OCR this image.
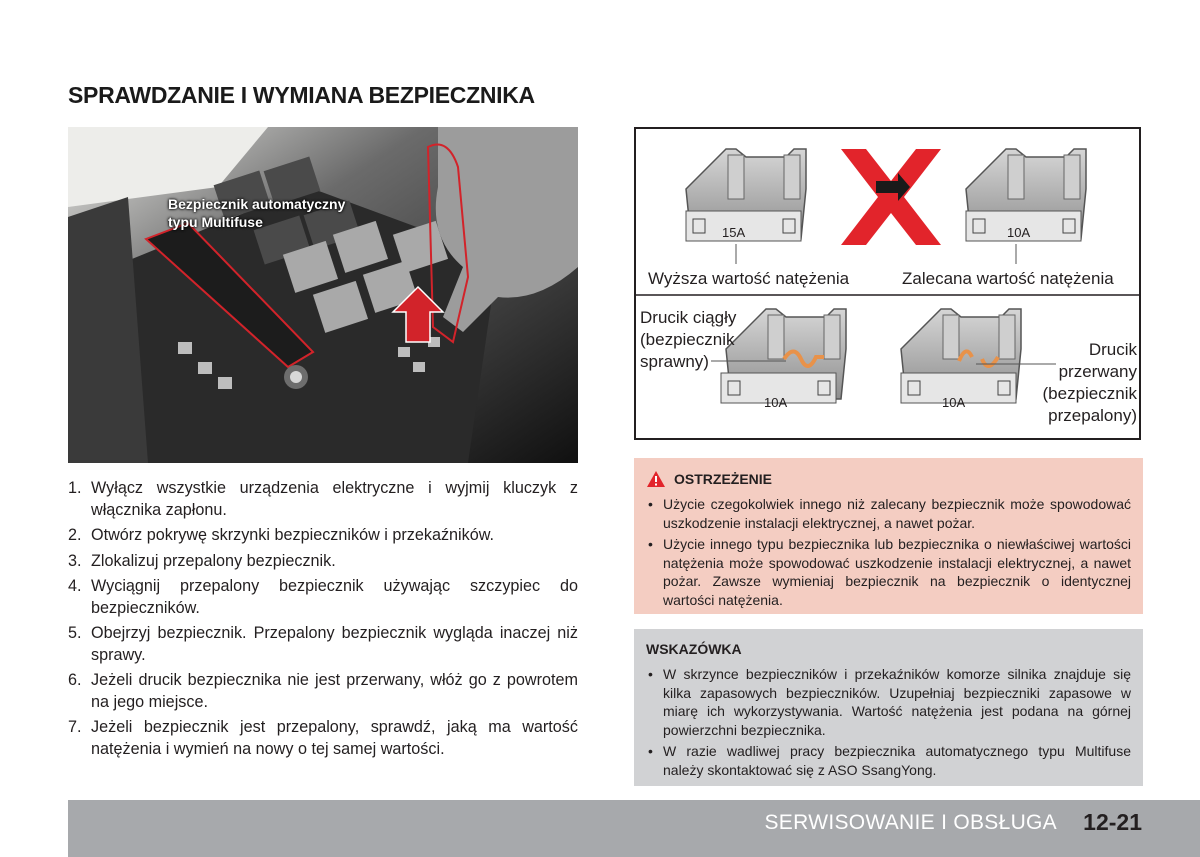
SPRAWDZANIE I WYMIANA BEZPIECZNIKA
Bezpiecznik automatyczny
typu Multifuse
15A	10A
10A	10A
Wyższa wartość natężenia	Zalecana wartość natężenia
Drucik ciągły
(bezpiecznik
sprawny)
Drucik
przerwany
(bezpiecznik
przepalony)
1. Wyłącz wszystkie urządzenia elektryczne i wyjmij kluczyk z włącznika zapłonu.
2. Otwórz pokrywę skrzynki bezpieczników i przekaźników.
3. Zlokalizuj przepalony bezpiecznik.
4. Wyciągnij przepalony bezpiecznik używając szczypiec do bezpieczników.
5. Obejrzyj bezpiecznik. Przepalony bezpiecznik wygląda inaczej niż sprawy.
6. Jeżeli drucik bezpiecznika nie jest przerwany, włóż go z powrotem na jego miejsce.
7. Jeżeli bezpiecznik jest przepalony, sprawdź, jaką ma wartość natężenia i wymień na nowy o tej samej wartości.
OSTRZEŻENIE
• Użycie czegokolwiek innego niż zalecany bezpiecznik może spowodować uszkodzenie instalacji elektrycznej, a nawet pożar.
• Użycie innego typu bezpiecznika lub bezpiecznika o niewłaściwej wartości natężenia może spowodować uszkodzenie instalacji elektrycznej, a nawet pożar. Zawsze wymieniaj bezpiecznik na bezpiecznik o identycznej wartości natężenia.
WSKAZÓWKA
• W skrzynce bezpieczników i przekaźników komorze silnika znajduje się kilka zapasowych bezpieczników. Uzupełniaj bezpieczniki zapasowe w miarę ich wykorzystywania. Wartość natężenia jest podana na górnej powierzchni bezpiecznika.
• W razie wadliwej pracy bezpiecznika automatycznego typu Multifuse należy skontaktować się z ASO SsangYong.
SERWISOWANIE I OBSŁUGA 12-21
